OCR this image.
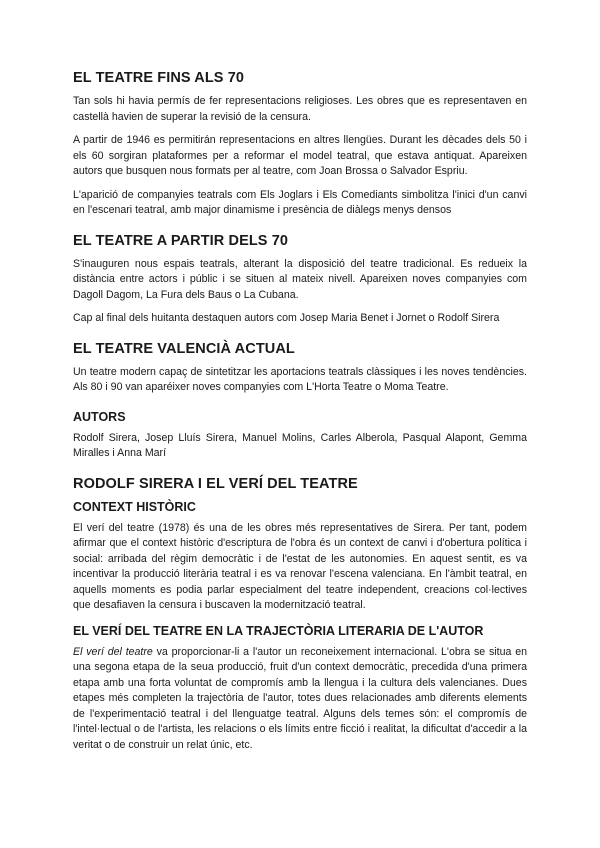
EL TEATRE FINS ALS 70

Tan sols hi havia permís de fer representacions religioses. Les obres que es representaven en castellà havien de superar la revisió de la censura.

A partir de 1946 es permitirán representacions en altres llengües. Durant les dècades dels 50 i els 60 sorgiran plataformes per a reformar el model teatral, que estava antiquat. Apareixen autors que busquen nous formats per al teatre, com Joan Brossa o Salvador Espriu.

L'aparició de companyies teatrals com Els Joglars i Els Comediants simbolitza l'inici d'un canvi en l'escenari teatral, amb major dinamisme i presència de diàlegs menys densos

EL TEATRE A PARTIR DELS 70

S'inauguren nous espais teatrals, alterant la disposició del teatre tradicional. Es redueix la distància entre actors i públic i se situen al mateix nivell. Apareixen noves companyies com Dagoll Dagom, La Fura dels Baus o La Cubana.

Cap al final dels huitanta destaquen autors com Josep Maria Benet i Jornet o Rodolf Sirera

EL TEATRE VALENCIÀ ACTUAL

Un teatre modern capaç de sintetitzar les aportacions teatrals clàssiques i les noves tendències. Als 80 i 90 van aparéixer noves companyies com L'Horta Teatre o Moma Teatre.

AUTORS

Rodolf Sirera, Josep Lluís Sirera, Manuel Molins, Carles Alberola, Pasqual Alapont, Gemma Miralles i Anna Marí

RODOLF SIRERA I EL VERÍ DEL TEATRE
CONTEXT HISTÒRIC

El verí del teatre (1978) és una de les obres més representatives de Sirera. Per tant, podem afirmar que el context històric d'escriptura de l'obra és un context de canvi i d'obertura política i social: arribada del règim democràtic i de l'estat de les autonomies. En aquest sentit, es va incentivar la producció literària teatral i es va renovar l'escena valenciana. En l'àmbit teatral, en aquells moments es podia parlar especialment del teatre independent, creacions col·lectives que desafiaven la censura i buscaven la modernització teatral.

EL VERÍ DEL TEATRE EN LA TRAJECTÒRIA LITERARIA DE L'AUTOR

El verí del teatre va proporcionar-li a l'autor un reconeixement internacional. L'obra se situa en una segona etapa de la seua producció, fruit d'un context democràtic, precedida d'una primera etapa amb una forta voluntat de compromís amb la llengua i la cultura dels valencianes. Dues etapes més completen la trajectòria de l'autor, totes dues relacionades amb diferents elements de l'experimentació teatral i del llenguatge teatral. Alguns dels temes són: el compromís de l'intel·lectual o de l'artista, les relacions o els límits entre ficció i realitat, la dificultat d'accedir a la veritat o de construir un relat únic, etc.
